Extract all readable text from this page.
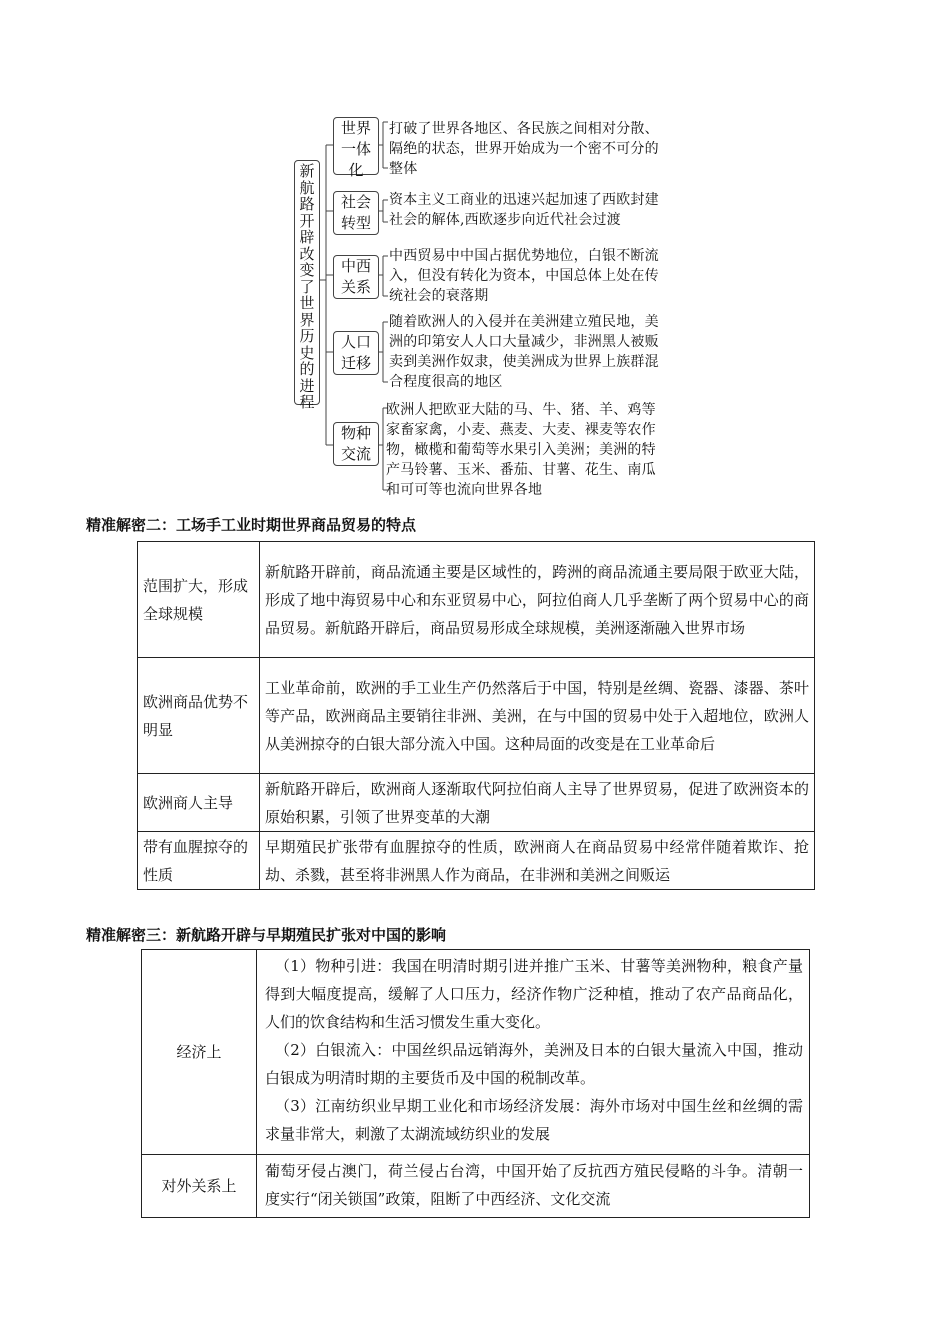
新航路开辟改变了世界历史的进程
世界一体化
打破了世界各地区、各民族之间相对分散、隔绝的状态，世界开始成为一个密不可分的整体
社会转型
资本主义工商业的迅速兴起加速了西欧封建社会的解体,西欧逐步向近代社会过渡
中西关系
中西贸易中中国占据优势地位，白银不断流入，但没有转化为资本，中国总体上处在传统社会的衰落期
人口迁移
随着欧洲人的入侵并在美洲建立殖民地，美洲的印第安人人口大量减少，非洲黑人被贩卖到美洲作奴隶，使美洲成为世界上族群混合程度很高的地区
物种交流
欧洲人把欧亚大陆的马、牛、猪、羊、鸡等家畜家禽，小麦、燕麦、大麦、裸麦等农作物，橄榄和葡萄等水果引入美洲；美洲的特产马铃薯、玉米、番茄、甘薯、花生、南瓜和可可等也流向世界各地
精准解密二：工场手工业时期世界商品贸易的特点
范围扩大，形成全球规模	新航路开辟前，商品流通主要是区域性的，跨洲的商品流通主要局限于欧亚大陆，形成了地中海贸易中心和东亚贸易中心，阿拉伯商人几乎垄断了两个贸易中心的商品贸易。新航路开辟后，商品贸易形成全球规模，美洲逐渐融入世界市场
欧洲商品优势不明显	工业革命前，欧洲的手工业生产仍然落后于中国，特别是丝绸、瓷器、漆器、茶叶等产品，欧洲商品主要销往非洲、美洲，在与中国的贸易中处于入超地位，欧洲人从美洲掠夺的白银大部分流入中国。这种局面的改变是在工业革命后
欧洲商人主导	新航路开辟后，欧洲商人逐渐取代阿拉伯商人主导了世界贸易，促进了欧洲资本的原始积累，引领了世界变革的大潮
带有血腥掠夺的性质	早期殖民扩张带有血腥掠夺的性质，欧洲商人在商品贸易中经常伴随着欺诈、抢劫、杀戮，甚至将非洲黑人作为商品，在非洲和美洲之间贩运
精准解密三：新航路开辟与早期殖民扩张对中国的影响
经济上	（1）物种引进：我国在明清时期引进并推广玉米、甘薯等美洲物种，粮食产量得到大幅度提高，缓解了人口压力，经济作物广泛种植，推动了农产品商品化，人们的饮食结构和生活习惯发生重大变化。
（2）白银流入：中国丝织品远销海外，美洲及日本的白银大量流入中国，推动白银成为明清时期的主要货币及中国的税制改革。
（3）江南纺织业早期工业化和市场经济发展：海外市场对中国生丝和丝绸的需求量非常大，刺激了太湖流域纺织业的发展

对外关系上	葡萄牙侵占澳门，荷兰侵占台湾，中国开始了反抗西方殖民侵略的斗争。清朝一度实行“闭关锁国”政策，阻断了中西经济、文化交流
